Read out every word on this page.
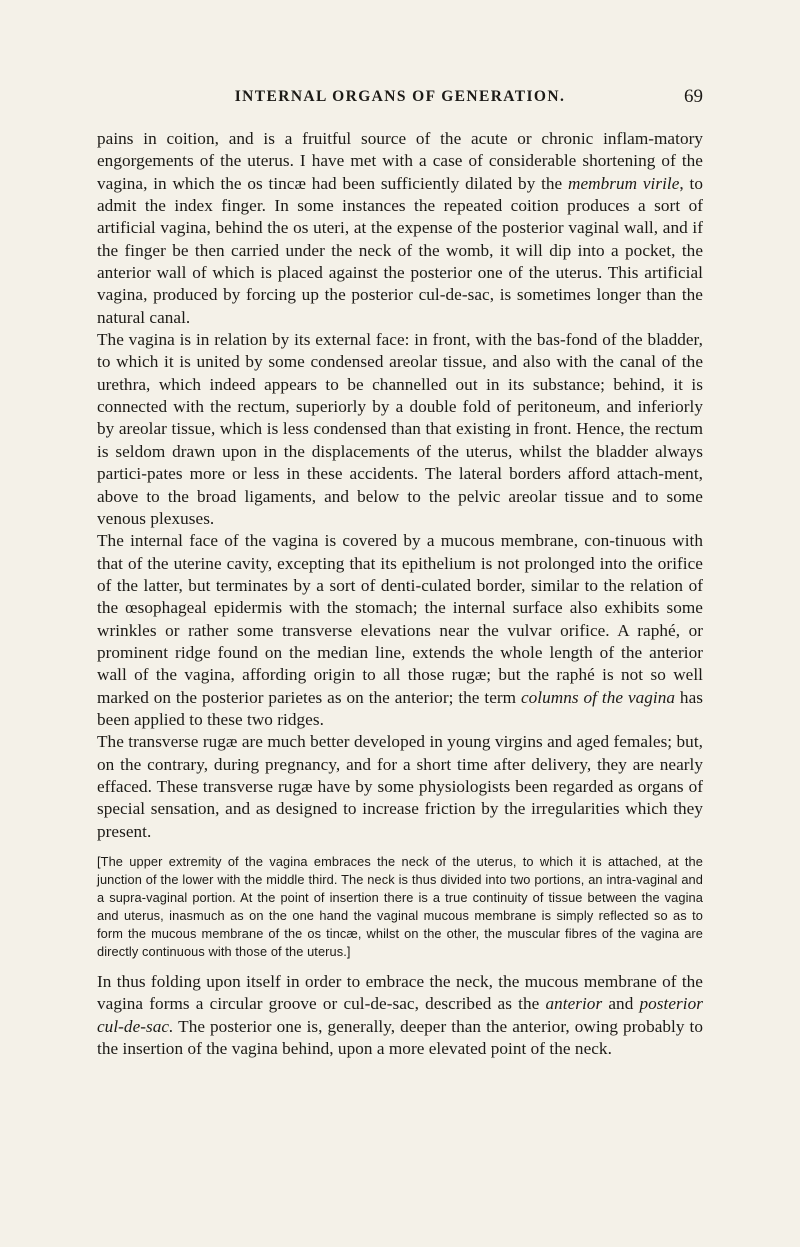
INTERNAL ORGANS OF GENERATION.	69

pains in coition, and is a fruitful source of the acute or chronic inflam-matory engorgements of the uterus. I have met with a case of considerable shortening of the vagina, in which the os tincæ had been sufficiently dilated by the membrum virile, to admit the index finger. In some instances the repeated coition produces a sort of artificial vagina, behind the os uteri, at the expense of the posterior vaginal wall, and if the finger be then carried under the neck of the womb, it will dip into a pocket, the anterior wall of which is placed against the posterior one of the uterus. This artificial vagina, produced by forcing up the posterior cul-de-sac, is sometimes longer than the natural canal.

The vagina is in relation by its external face: in front, with the bas-fond of the bladder, to which it is united by some condensed areolar tissue, and also with the canal of the urethra, which indeed appears to be channelled out in its substance; behind, it is connected with the rectum, superiorly by a double fold of peritoneum, and inferiorly by areolar tissue, which is less condensed than that existing in front. Hence, the rectum is seldom drawn upon in the displacements of the uterus, whilst the bladder always partici-pates more or less in these accidents. The lateral borders afford attach-ment, above to the broad ligaments, and below to the pelvic areolar tissue and to some venous plexuses.

The internal face of the vagina is covered by a mucous membrane, con-tinuous with that of the uterine cavity, excepting that its epithelium is not prolonged into the orifice of the latter, but terminates by a sort of denti-culated border, similar to the relation of the œsophageal epidermis with the stomach; the internal surface also exhibits some wrinkles or rather some transverse elevations near the vulvar orifice. A raphé, or prominent ridge found on the median line, extends the whole length of the anterior wall of the vagina, affording origin to all those rugæ; but the raphé is not so well marked on the posterior parietes as on the anterior; the term columns of the vagina has been applied to these two ridges.

The transverse rugæ are much better developed in young virgins and aged females; but, on the contrary, during pregnancy, and for a short time after delivery, they are nearly effaced. These transverse rugæ have by some physiologists been regarded as organs of special sensation, and as designed to increase friction by the irregularities which they present.

[The upper extremity of the vagina embraces the neck of the uterus, to which it is attached, at the junction of the lower with the middle third. The neck is thus divided into two portions, an intra-vaginal and a supra-vaginal portion. At the point of insertion there is a true continuity of tissue between the vagina and uterus, inasmuch as on the one hand the vaginal mucous membrane is simply reflected so as to form the mucous membrane of the os tincæ, whilst on the other, the muscular fibres of the vagina are directly continuous with those of the uterus.]

In thus folding upon itself in order to embrace the neck, the mucous membrane of the vagina forms a circular groove or cul-de-sac, described as the anterior and posterior cul-de-sac. The posterior one is, generally, deeper than the anterior, owing probably to the insertion of the vagina behind, upon a more elevated point of the neck.
